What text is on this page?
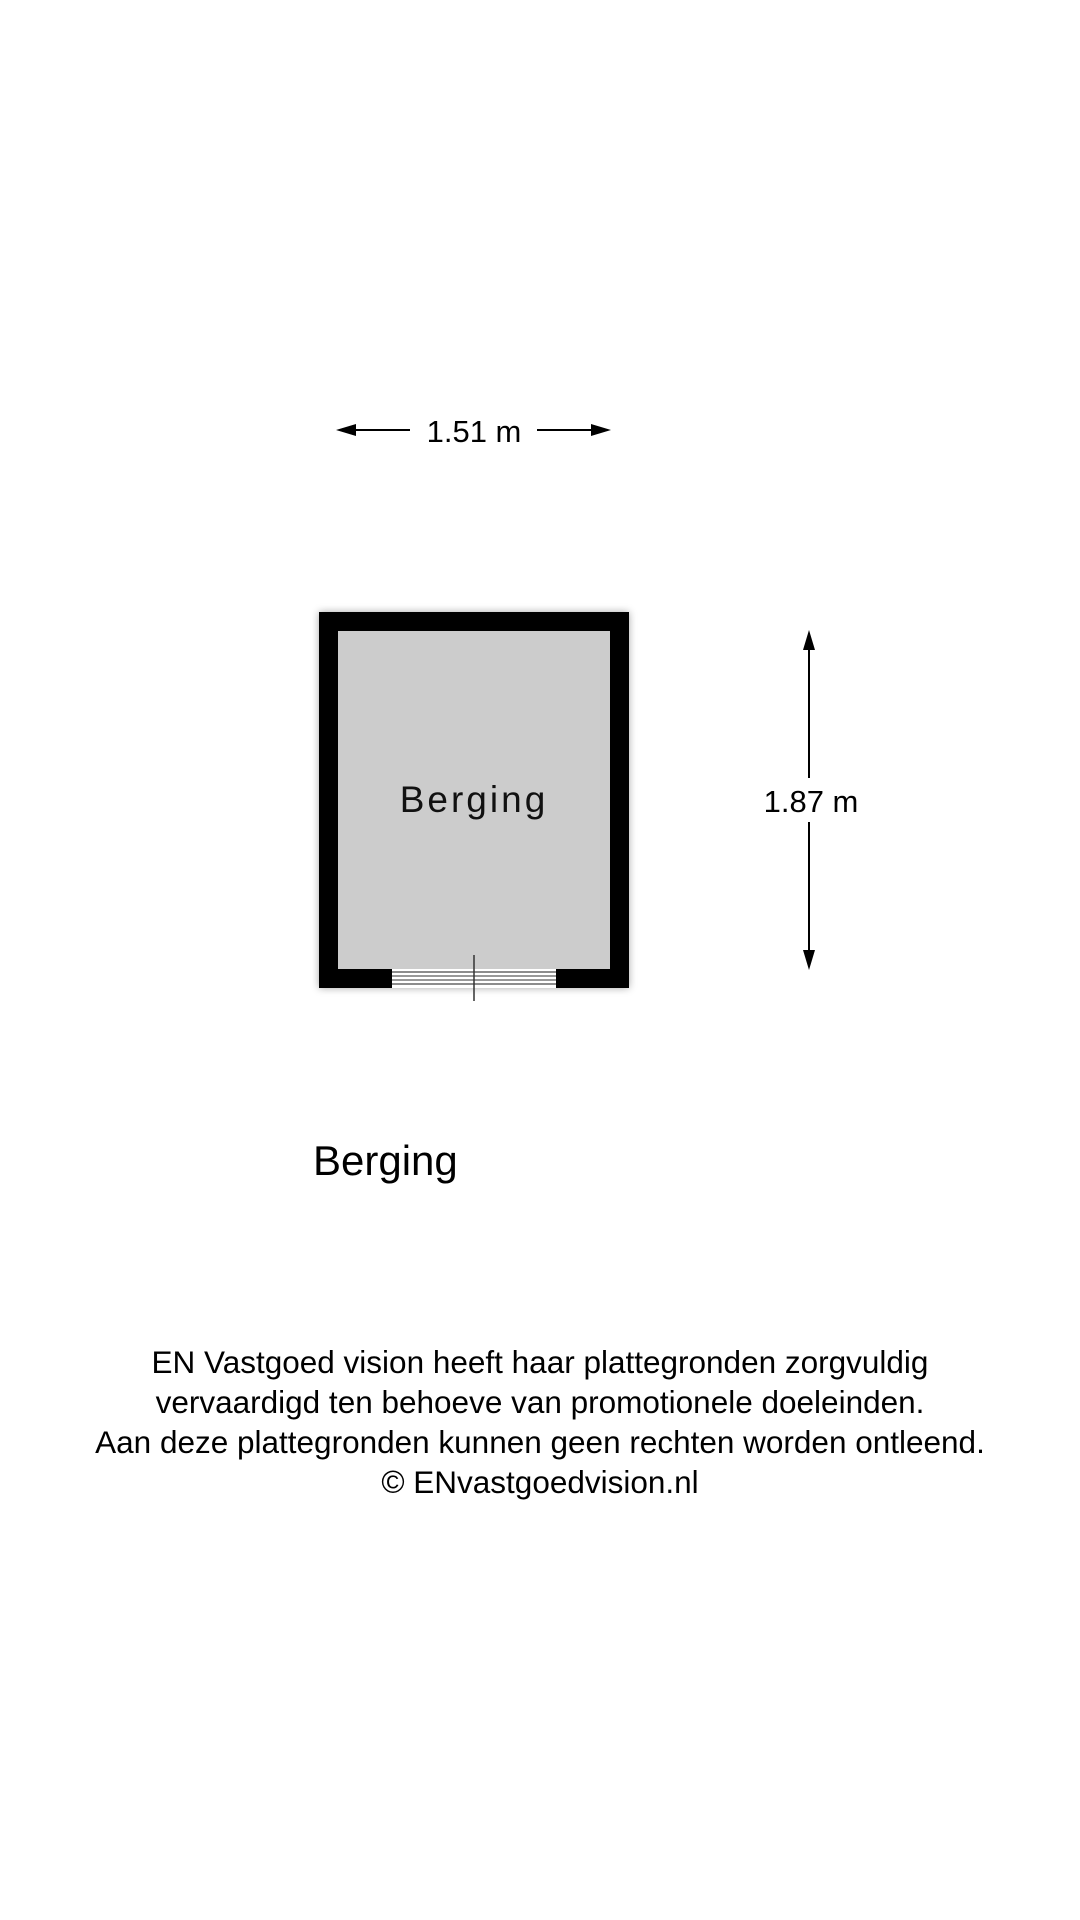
1.51 m
1.87 m
Berging
Berging
EN Vastgoed vision heeft haar plattegronden zorgvuldig
vervaardigd ten behoeve van promotionele doeleinden.
Aan deze plattegronden kunnen geen rechten worden ontleend.
© ENvastgoedvision.nl
